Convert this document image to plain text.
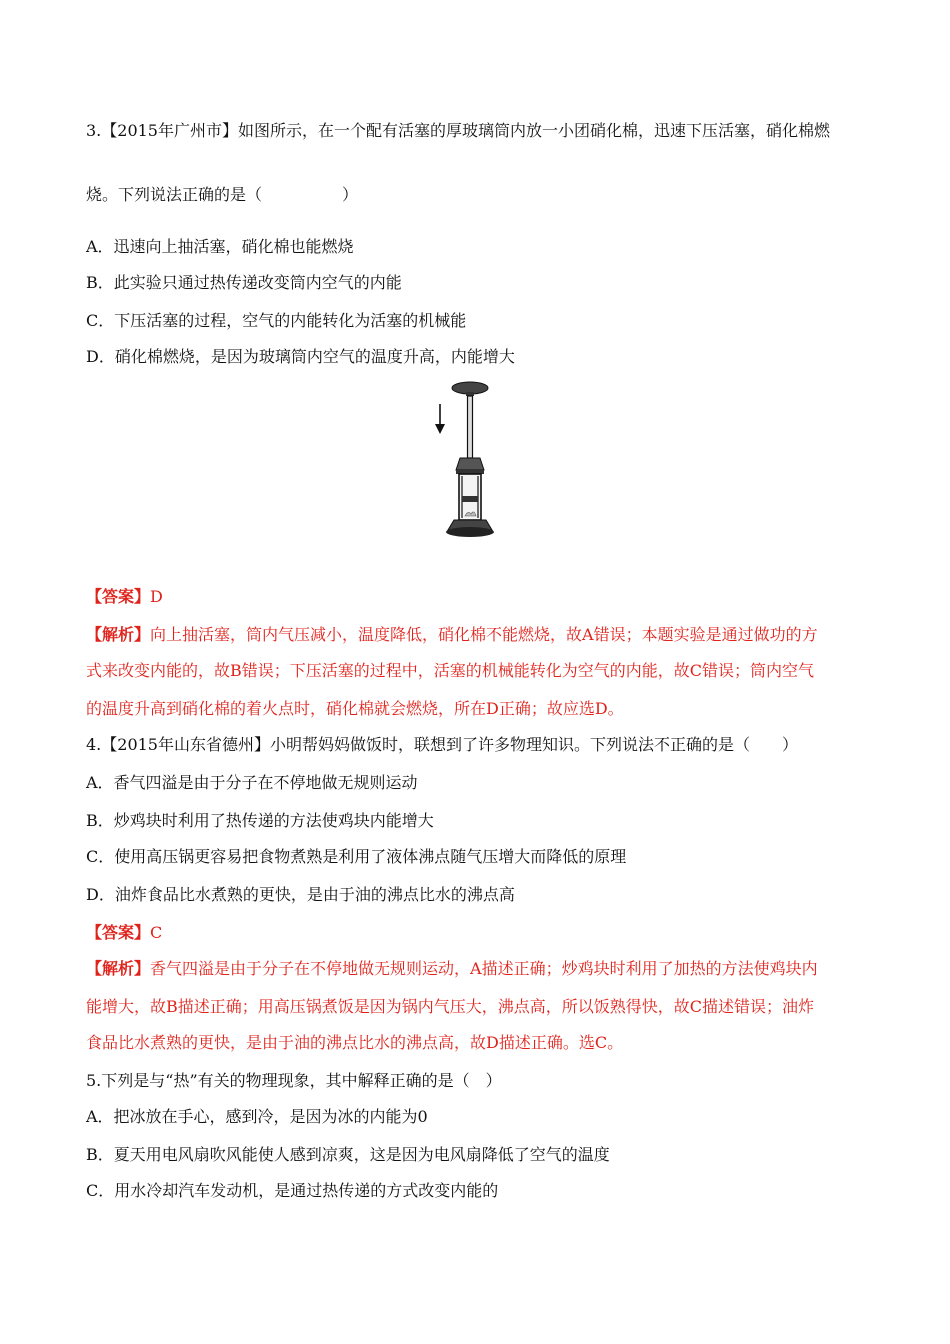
3.【2015年广州市】如图所示，在一个配有活塞的厚玻璃筒内放一小团硝化棉，迅速下压活塞，硝化棉燃
烧。下列说法正确的是（　　　　　）
A．迅速向上抽活塞，硝化棉也能燃烧
B．此实验只通过热传递改变筒内空气的内能
C．下压活塞的过程，空气的内能转化为活塞的机械能
D．硝化棉燃烧，是因为玻璃筒内空气的温度升高，内能增大
【答案】D
【解析】向上抽活塞，筒内气压减小，温度降低，硝化棉不能燃烧，故A错误；本题实验是通过做功的方
式来改变内能的，故B错误；下压活塞的过程中，活塞的机械能转化为空气的内能，故C错误；筒内空气
的温度升高到硝化棉的着火点时，硝化棉就会燃烧，所在D正确；故应选D。
4.【2015年山东省德州】小明帮妈妈做饭时，联想到了许多物理知识。下列说法不正确的是（　　）
A．香气四溢是由于分子在不停地做无规则运动
B．炒鸡块时利用了热传递的方法使鸡块内能增大
C．使用高压锅更容易把食物煮熟是利用了液体沸点随气压增大而降低的原理
D．油炸食品比水煮熟的更快，是由于油的沸点比水的沸点高
【答案】C
【解析】香气四溢是由于分子在不停地做无规则运动，A描述正确；炒鸡块时利用了加热的方法使鸡块内
能增大，故B描述正确；用高压锅煮饭是因为锅内气压大，沸点高，所以饭熟得快，故C描述错误；油炸
食品比水煮熟的更快，是由于油的沸点比水的沸点高，故D描述正确。选C。
5.下列是与“热”有关的物理现象，其中解释正确的是（　）
A．把冰放在手心，感到冷，是因为冰的内能为0
B．夏天用电风扇吹风能使人感到凉爽，这是因为电风扇降低了空气的温度
C．用水冷却汽车发动机，是通过热传递的方式改变内能的
